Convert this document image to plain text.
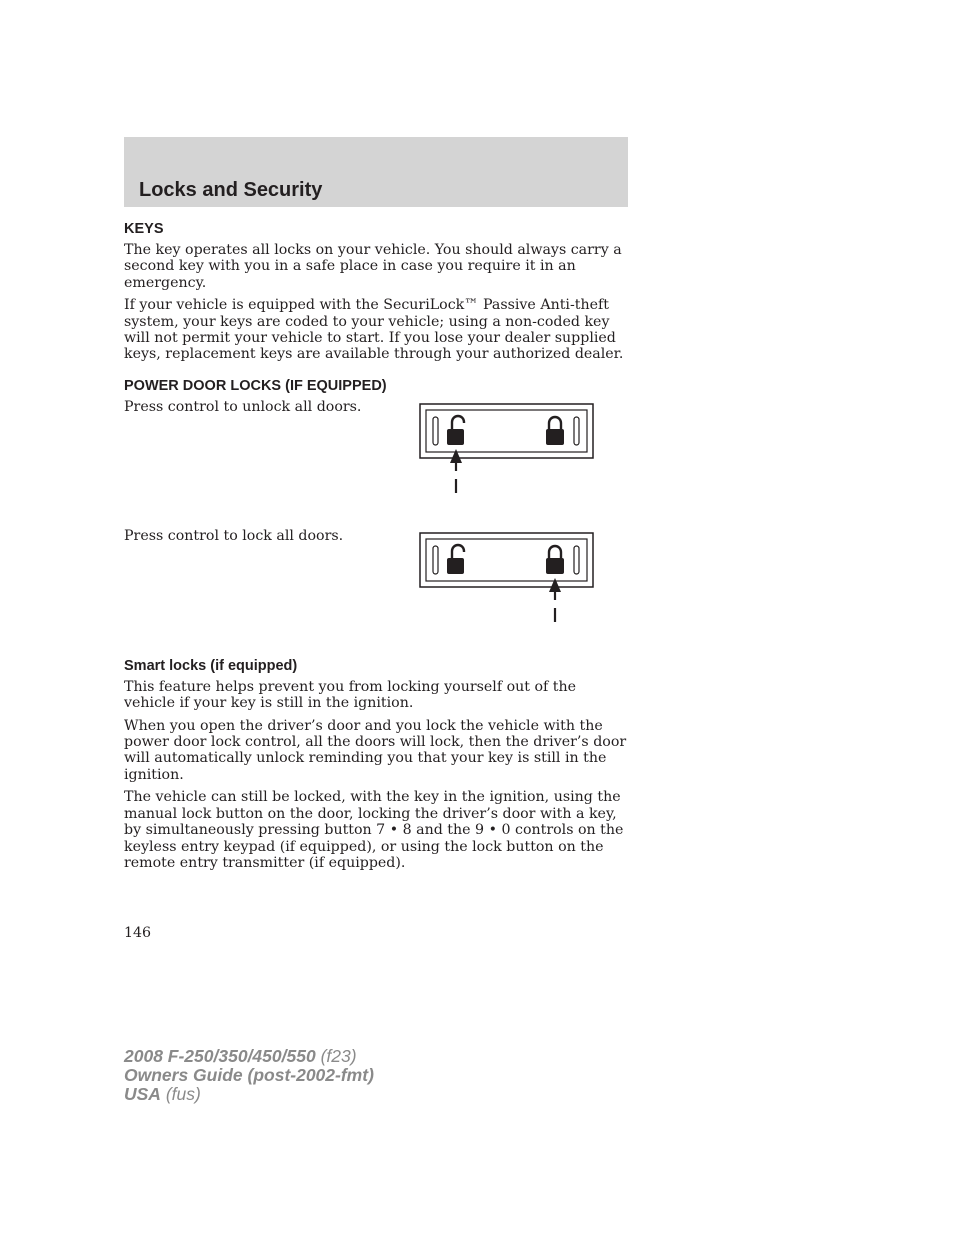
Locks and Security
KEYS

The key operates all locks on your vehicle. You should always carry a second key with you in a safe place in case you require it in an emergency.

If your vehicle is equipped with the SecuriLock™ Passive Anti-theft system, your keys are coded to your vehicle; using a non-coded key will not permit your vehicle to start. If you lose your dealer supplied keys, replacement keys are available through your authorized dealer.

POWER DOOR LOCKS (IF EQUIPPED)

Press control to unlock all doors.

Press control to lock all doors.

Smart locks (if equipped)

This feature helps prevent you from locking yourself out of the vehicle if your key is still in the ignition.

When you open the driver’s door and you lock the vehicle with the power door lock control, all the doors will lock, then the driver’s door will automatically unlock reminding you that your key is still in the ignition.

The vehicle can still be locked, with the key in the ignition, using the manual lock button on the door, locking the driver’s door with a key, by simultaneously pressing button 7 • 8 and the 9 • 0 controls on the keyless entry keypad (if equipped), or using the lock button on the remote entry transmitter (if equipped).

146

2008 F-250/350/450/550 (f23)
Owners Guide (post-2002-fmt)
USA (fus)
